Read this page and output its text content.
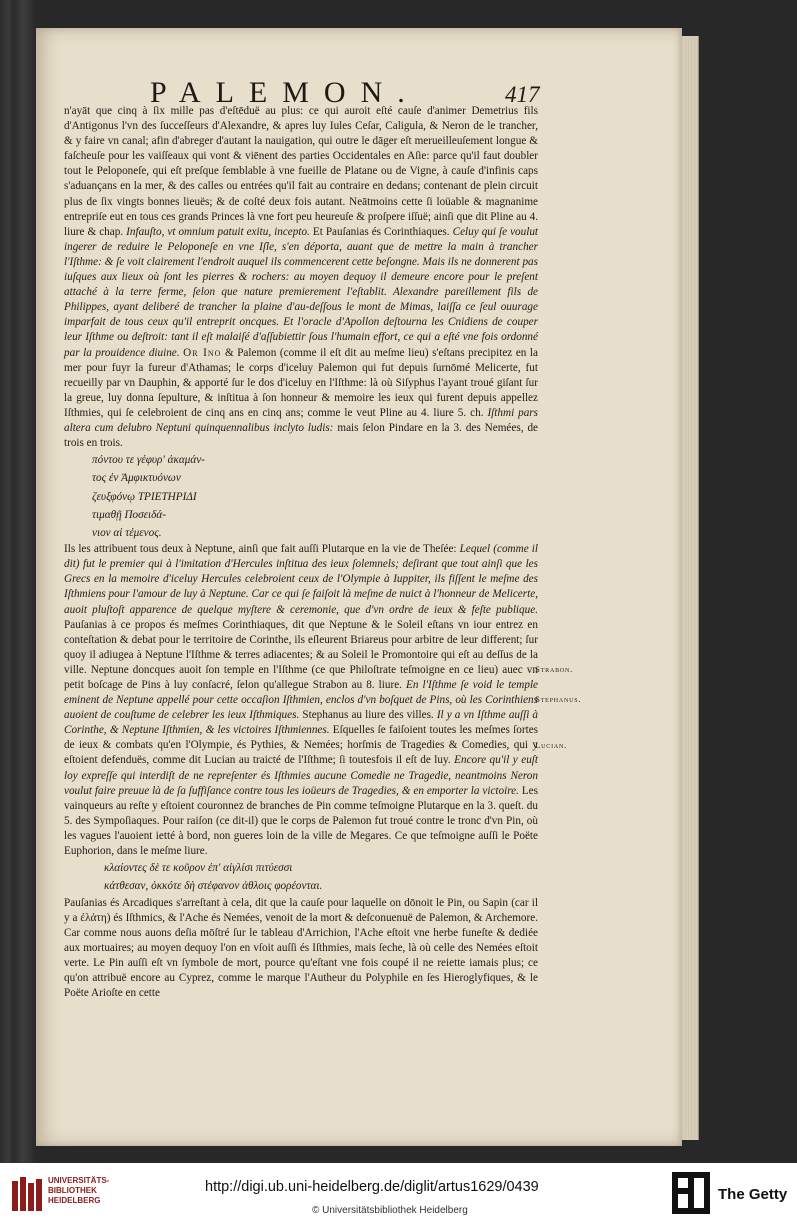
PALEMON.	417

n'ayāt que cinq à ſix mille pas d'eſtēduë au plus: ce qui auroit eſté cauſe d'animer Demetrius fils d'Antigonus l'vn des ſucceſſeurs d'Alexandre, & apres luy Iules Ceſar, Caligula, & Neron de le trancher, & y faire vn canal; afin d'abreger d'autant la nauigation, qui outre le dāger eſt merueilleuſement longue & faſcheuſe pour les vaiſſeaux qui vont & viēnent des parties Occidentales en Aſie: parce qu'il faut doubler tout le Peloponeſe, qui eſt preſque ſemblable à vne fueille de Platane ou de Vigne, à cauſe d'infinis caps s'aduançans en la mer, & des calles ou entrées qu'il fait au contraire en dedans; contenant de plein circuit plus de ſix vingts bonnes lieuës; & de coſté deux fois autant. Neātmoins cette ſi loüable & magnanime entrepriſe eut en tous ces grands Princes là vne fort peu heureuſe & proſpere iſſuë; ainſi que dit Pline au 4. liure & chap. Infauſto, vt omnium patuit exitu, incepto. Et Pauſanias és Corinthiaques. Celuy qui ſe voulut ingerer de reduire le Peloponeſe en vne Iſle, s'en déporta, auant que de mettre la main à trancher l'Iſthme: & ſe voit clairement l'endroit auquel ils commencerent cette beſongne. Mais ils ne donnerent pas iuſques aux lieux où ſont les pierres & rochers: au moyen dequoy il demeure encore pour le preſent attaché à la terre ferme, ſelon que nature premierement l'eſtablit. Alexandre pareillement fils de Philippes, ayant deliberé de trancher la plaine d'au-deſſous le mont de Mimas, laiſſa ce ſeul ouurage imparfait de tous ceux qu'il entreprit oncques. Et l'oracle d'Apollon deſtourna les Cnidiens de couper leur Iſthme ou deſtroit: tant il eſt malaiſé d'aſſubiettir ſous l'humain effort, ce qui a eſté vne fois ordonné par la prouidence diuine. Or Ino & Palemon (comme il eſt dit au meſme lieu) s'eſtans precipitez en la mer pour fuyr la fureur d'Athamas; le corps d'iceluy Palemon qui fut depuis ſurnōmé Melicerte, fut recueilly par vn Dauphin, & apporté ſur le dos d'iceluy en l'Iſthme: là où Siſyphus l'ayant troué giſant ſur la greue, luy donna ſepulture, & inſtitua à ſon honneur & memoire les ieux qui furent depuis appellez Iſthmies, qui ſe celebroient de cinq ans en cinq ans; comme le veut Pline au 4. liure 5. ch. Iſthmi pars altera cum delubro Neptuni quinquennalibus inclyto ludis: mais ſelon Pindare en la 3. des Nemées, de trois en trois.

πόντου τε γέφυρ' ἀκαμάν-
τος ἐν Ἀμφικτυόνων
ζευξφόνῳ ΤΡΙΕΤΗΡΙΔΙ
τιμαθῇ Ποσειδά-
νιον αἰ τέμενος.

Ils les attribuent tous deux à Neptune, ainſi que fait auſſi Plutarque en la vie de Theſée: Lequel (comme il dit) fut le premier qui à l'imitation d'Hercules inſtitua des ieux ſolemnels; deſirant que tout ainſi que les Grecs en la memoire d'iceluy Hercules celebroient ceux de l'Olympie à Iuppiter, ils fiſſent le meſme des Iſthmiens pour l'amour de luy à Neptune. Car ce qui ſe faiſoit là meſme de nuict à l'honneur de Melicerte, auoit pluſtoſt apparence de quelque myſtere & ceremonie, que d'vn ordre de ieux & feſte publique. Pauſanias à ce propos és meſmes Corinthiaques, dit que Neptune & le Soleil eſtans vn iour entrez en conteſtation & debat pour le territoire de Corinthe, ils eſleurent Briareus pour arbitre de leur different; ſur quoy il adiugea à Neptune l'Iſthme & terres adiacentes; & au Soleil le Promontoire qui eſt au deſſus de la ville. Neptune doncques auoit ſon temple en l'Iſthme (ce que Philoſtrate teſmoigne en ce lieu) auec vn petit boſcage de Pins à luy conſacré, ſelon qu'allegue Strabon au 8. liure. En l'Iſthme ſe void le temple eminent de Neptune appellé pour cette occaſion Iſthmien, enclos d'vn boſquet de Pins, où les Corinthiens auoient de couſtume de celebrer les ieux Iſthmiques. Stephanus au liure des villes. Il y a vn Iſthme auſſi à Corinthe, & Neptune Iſthmien, & les victoires Iſthmiennes. Eſquelles ſe faiſoient toutes les meſmes ſortes de ieux & combats qu'en l'Olympie, és Pythies, & Nemées; horſmis de Tragedies & Comedies, qui y eſtoient defenduës, comme dit Lucian au traicté de l'Iſthme; ſi toutesfois il eſt de luy. Encore qu'il y euſt loy expreſſe qui interdiſt de ne repreſenter és Iſthmies aucune Comedie ne Tragedie, neantmoins Neron voulut faire preuue là de ſa ſuffiſance contre tous les ioüeurs de Tragedies, & en emporter la victoire. Les vainqueurs au reſte y eſtoient couronnez de branches de Pin comme teſmoigne Plutarque en la 3. queſt. du 5. des Sympoſiaques. Pour raiſon (ce dit-il) que le corps de Palemon fut troué contre le tronc d'vn Pin, où les vagues l'auoient ietté à bord, non gueres loin de la ville de Megares. Ce que teſmoigne auſſi le Poëte Euphorion, dans le meſme liure.

κλαίοντες δὲ τε κοῦρον ἐπ' αἰγλίσι πιτύεσσι
κάτθεσαν, ὀκκότε δὴ στέφανον ἀθλοις φορέονται.

Pauſanias és Arcadiques s'arreſtant à cela, dit que la cauſe pour laquelle on dōnoit le Pin, ou Sapin (car il y a ἐλάτη) és Iſthmics, & l'Ache és Nemées, venoit de la mort & deſconuenuë de Palemon, & Archemore. Car comme nous auons deſia mōſtré ſur le tableau d'Arrichion, l'Ache eſtoit vne herbe funeſte & dediée aux mortuaires; au moyen dequoy l'on en vſoit auſſi és Iſthmies, mais ſeche, là où celle des Nemées eſtoit verte. Le Pin auſſi eſt vn ſymbole de mort, pource qu'eſtant vne fois coupé il ne reiette iamais plus; ce qu'on attribuë encore au Cyprez, comme le marque l'Autheur du Polyphile en ſes Hieroglyfiques, & le Poëte Arioſte en cette

Strabon.
Stephanus.
Lucian.
UNIVERSITÄTS-
BIBLIOTHEK
HEIDELBERG
http://digi.ub.uni-heidelberg.de/diglit/artus1629/0439
© Universitätsbibliothek Heidelberg
The Getty
